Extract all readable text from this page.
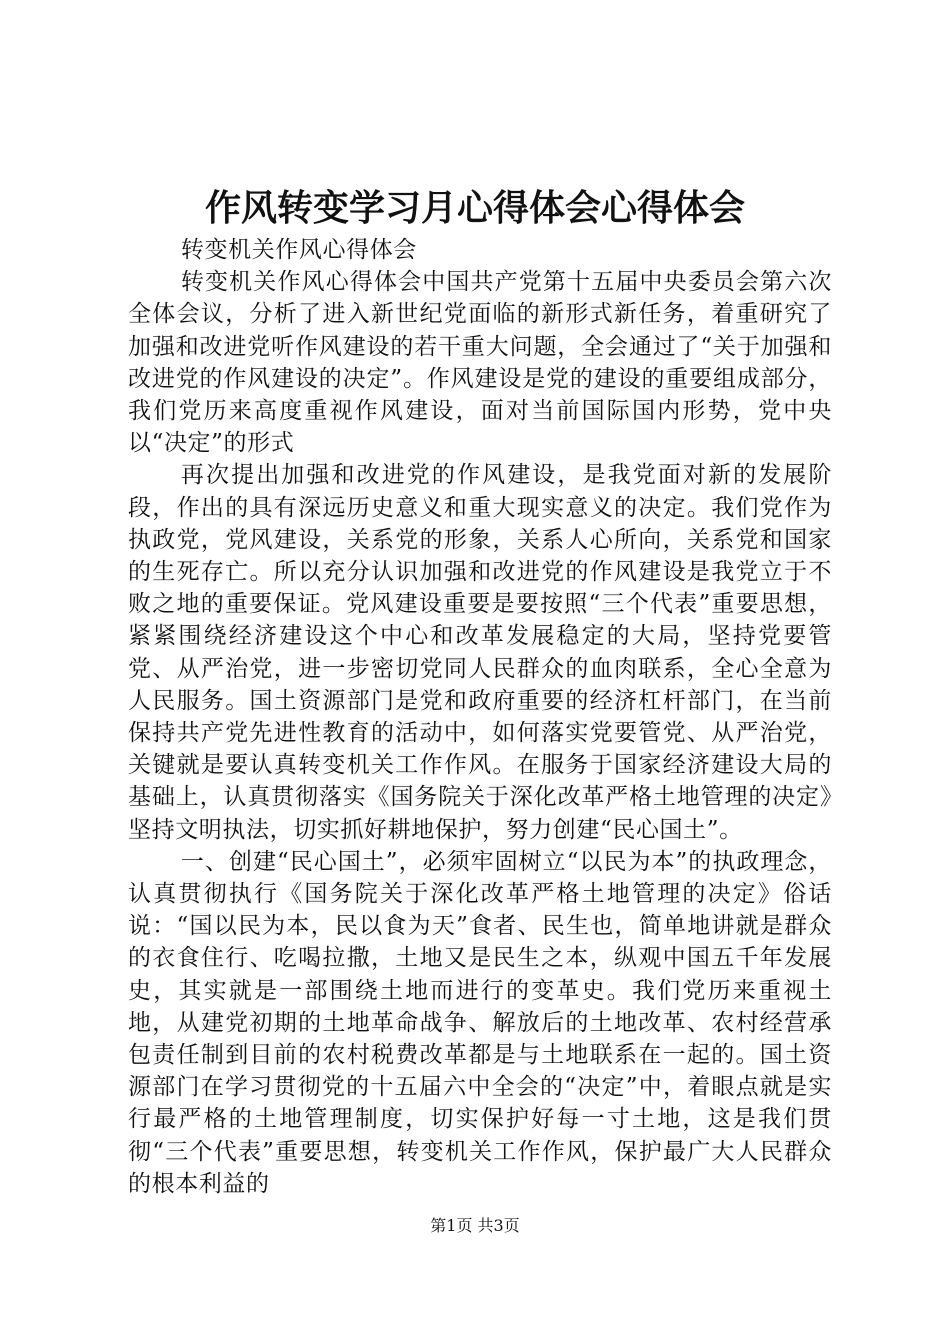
作风转变学习月心得体会心得体会

转变机关作风心得体会

转变机关作风心得体会中国共产党第十五届中央委员会第六次全体会议，分析了进入新世纪党面临的新形式新任务，着重研究了加强和改进党听作风建设的若干重大问题，全会通过了“关于加强和改进党的作风建设的决定”。作风建设是党的建设的重要组成部分，我们党历来高度重视作风建设，面对当前国际国内形势，党中央以“决定”的形式

再次提出加强和改进党的作风建设，是我党面对新的发展阶段，作出的具有深远历史意义和重大现实意义的决定。我们党作为执政党，党风建设，关系党的形象，关系人心所向，关系党和国家的生死存亡。所以充分认识加强和改进党的作风建设是我党立于不败之地的重要保证。党风建设重要是要按照“三个代表”重要思想，紧紧围绕经济建设这个中心和改革发展稳定的大局，坚持党要管党、从严治党，进一步密切党同人民群众的血肉联系，全心全意为人民服务。国土资源部门是党和政府重要的经济杠杆部门，在当前保持共产党先进性教育的活动中，如何落实党要管党、从严治党，关键就是要认真转变机关工作作风。在服务于国家经济建设大局的基础上，认真贯彻落实《国务院关于深化改革严格土地管理的决定》坚持文明执法，切实抓好耕地保护，努力创建“民心国土”。

一、创建“民心国土”，必须牢固树立“以民为本”的执政理念，认真贯彻执行《国务院关于深化改革严格土地管理的决定》俗话说：“国以民为本，民以食为天”食者、民生也，简单地讲就是群众的衣食住行、吃喝拉撒，土地又是民生之本，纵观中国五千年发展史，其实就是一部围绕土地而进行的变革史。我们党历来重视土地，从建党初期的土地革命战争、解放后的土地改革、农村经营承包责任制到目前的农村税费改革都是与土地联系在一起的。国土资源部门在学习贯彻党的十五届六中全会的“决定”中，着眼点就是实行最严格的土地管理制度，切实保护好每一寸土地，这是我们贯彻“三个代表”重要思想，转变机关工作作风，保护最广大人民群众的根本利益的

第1页 共3页
